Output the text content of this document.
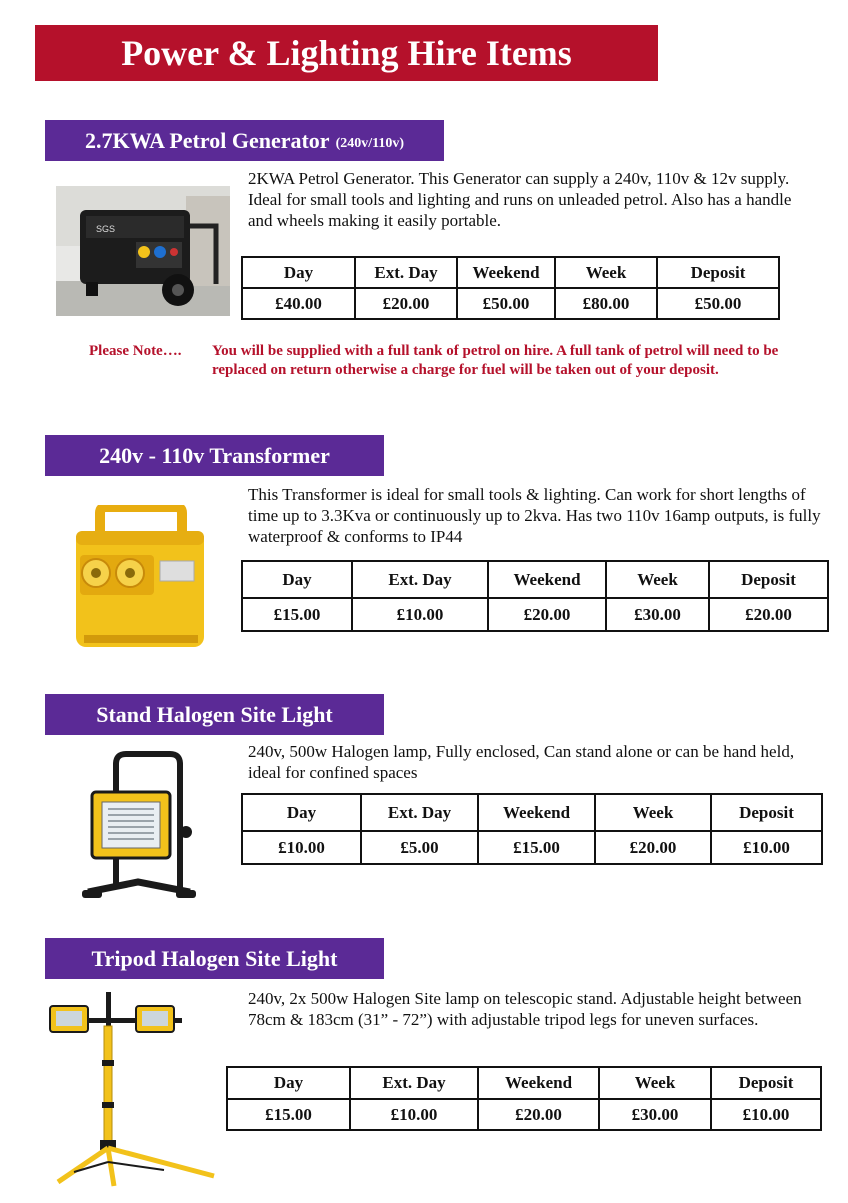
Power & Lighting Hire Items
2.7KWA Petrol Generator (240v/110v)
SGS
2KWA Petrol Generator. This Generator can supply a 240v, 110v & 12v supply. Ideal for small tools and lighting and runs on unleaded petrol. Also has a handle and wheels making it easily portable.
Day	Ext. Day	Weekend	Week	Deposit
£40.00	£20.00	£50.00	£80.00	£50.00
Please Note….	You will be supplied with a full tank of petrol on hire. A full tank of petrol will need to be replaced on return otherwise a charge for fuel will be taken out of your deposit.
240v - 110v Transformer
This Transformer is ideal for small tools & lighting. Can work for short lengths of time up to 3.3Kva or continuously up to 2kva. Has two 110v 16amp outputs, is fully waterproof & conforms to IP44
Day	Ext. Day	Weekend	Week	Deposit
£15.00	£10.00	£20.00	£30.00	£20.00
Stand Halogen Site Light
240v, 500w Halogen lamp, Fully enclosed, Can stand alone or can be hand held, ideal for confined spaces
Day	Ext. Day	Weekend	Week	Deposit
£10.00	£5.00	£15.00	£20.00	£10.00
Tripod Halogen Site Light
240v, 2x 500w Halogen Site lamp on telescopic stand. Adjustable height between 78cm & 183cm (31” - 72”) with adjustable tripod legs for uneven surfaces.
Day	Ext. Day	Weekend	Week	Deposit
£15.00	£10.00	£20.00	£30.00	£10.00
